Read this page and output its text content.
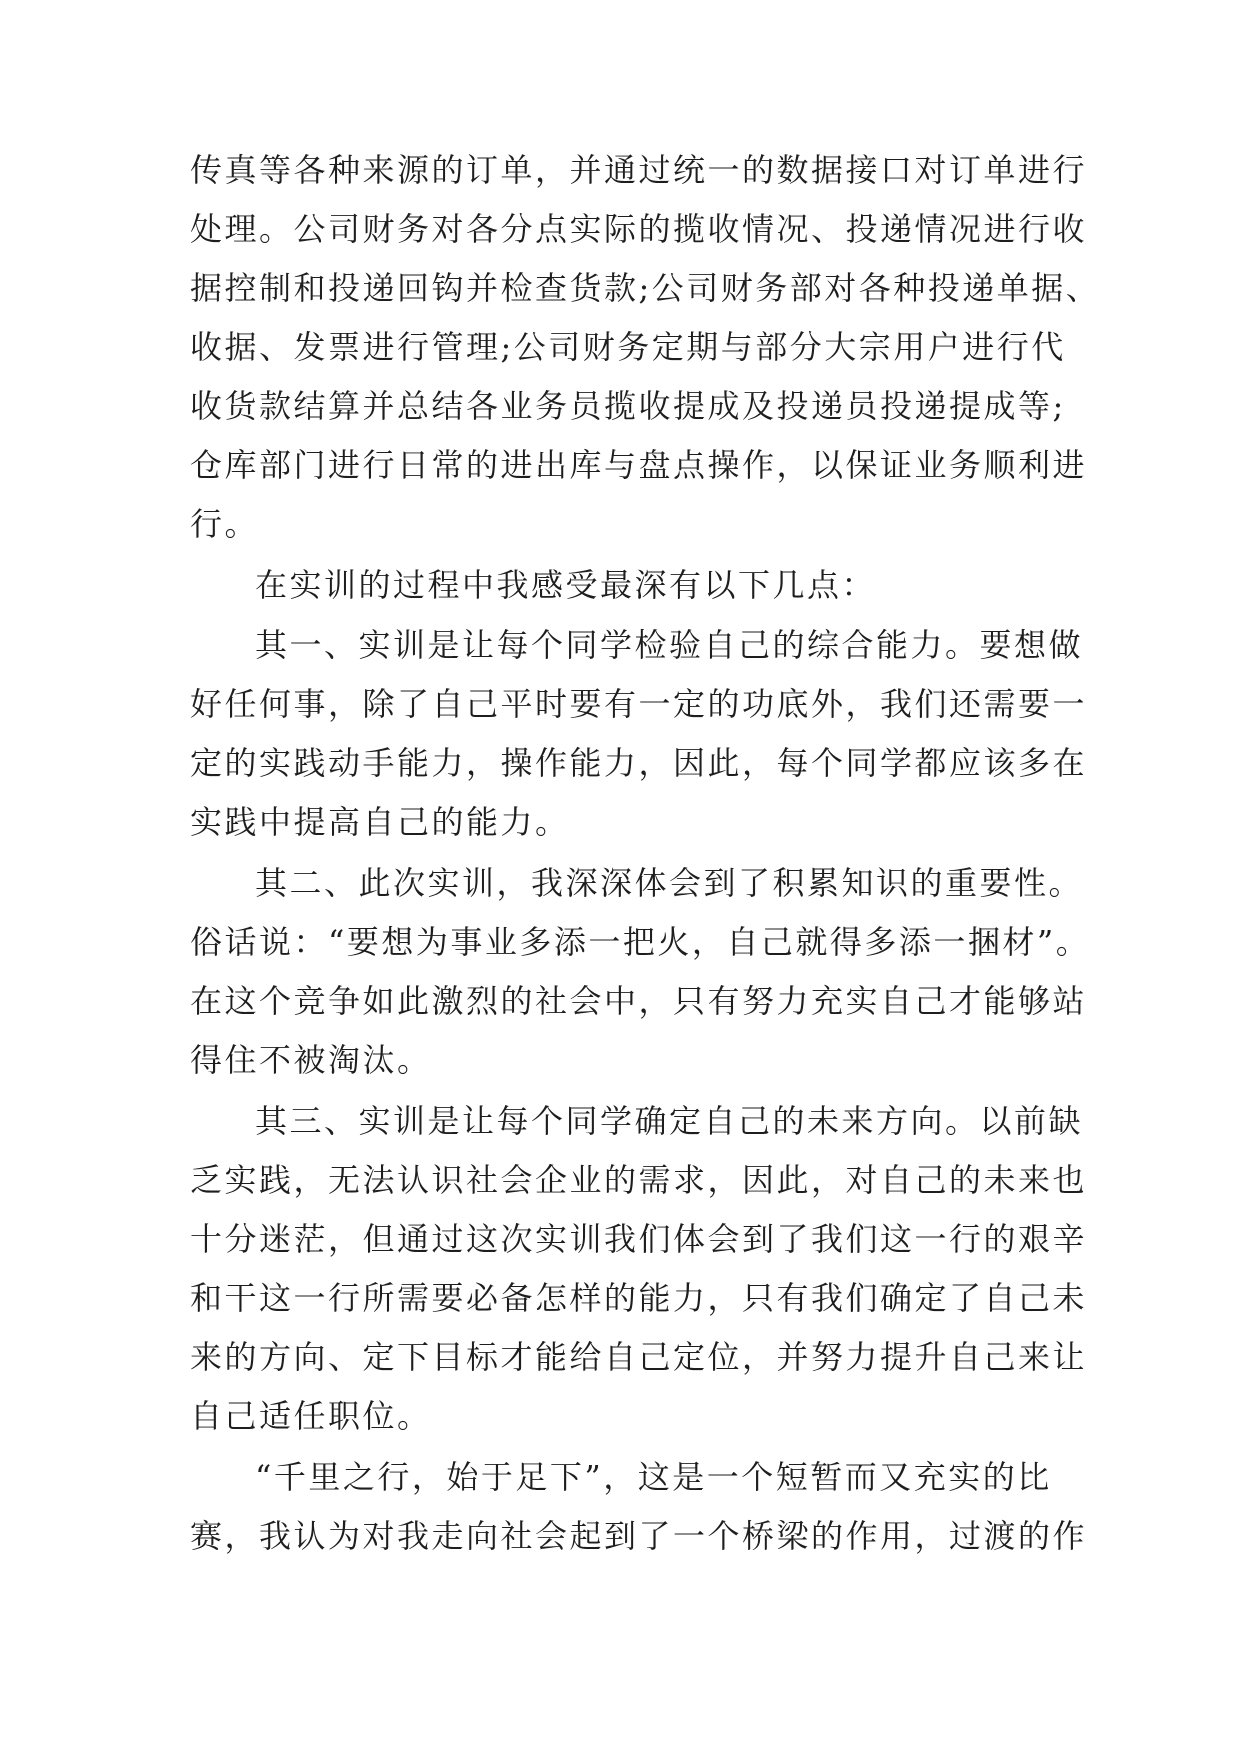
传真等各种来源的订单，并通过统一的数据接口对订单进行
处理。公司财务对各分点实际的揽收情况、投递情况进行收
据控制和投递回钩并检查货款;公司财务部对各种投递单据、
收据、发票进行管理;公司财务定期与部分大宗用户进行代
收货款结算并总结各业务员揽收提成及投递员投递提成等;
仓库部门进行日常的进出库与盘点操作，以保证业务顺利进
行。
在实训的过程中我感受最深有以下几点：
其一、实训是让每个同学检验自己的综合能力。要想做
好任何事，除了自己平时要有一定的功底外，我们还需要一
定的实践动手能力，操作能力，因此，每个同学都应该多在
实践中提高自己的能力。
其二、此次实训，我深深体会到了积累知识的重要性。
俗话说：“要想为事业多添一把火，自己就得多添一捆材”。
在这个竞争如此激烈的社会中，只有努力充实自己才能够站
得住不被淘汰。
其三、实训是让每个同学确定自己的未来方向。以前缺
乏实践，无法认识社会企业的需求，因此，对自己的未来也
十分迷茫，但通过这次实训我们体会到了我们这一行的艰辛
和干这一行所需要必备怎样的能力，只有我们确定了自己未
来的方向、定下目标才能给自己定位，并努力提升自己来让
自己适任职位。
“千里之行，始于足下”，这是一个短暂而又充实的比
赛，我认为对我走向社会起到了一个桥梁的作用，过渡的作
